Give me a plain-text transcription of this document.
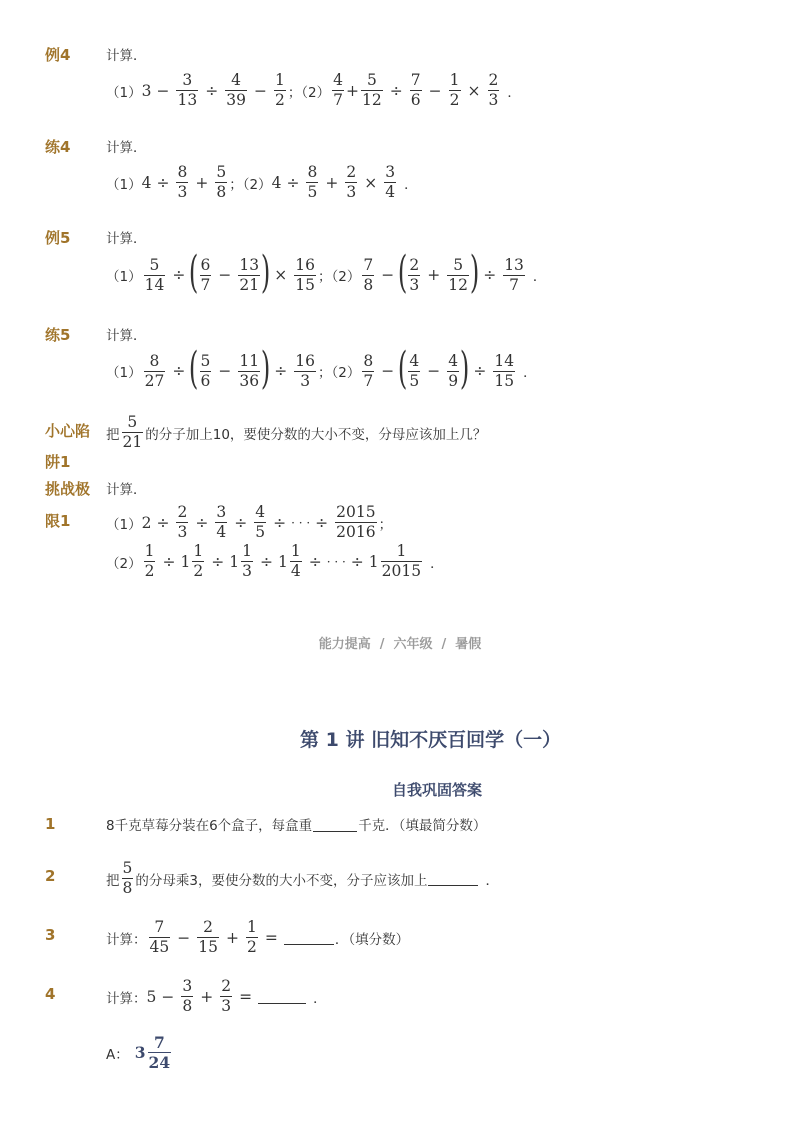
例4	计算．
（1） $3 - \frac{3}{13} \div \frac{4}{39} - \frac{1}{2}$ ；$(2) \frac{4}{7} + \frac{5}{12} \div \frac{7}{6} - \frac{1}{2} \times \frac{2}{3}$ ．
练4	计算．
（1） $4 \div \frac{8}{3} + \frac{5}{8}$ ；（2） $4 \div \frac{8}{5} + \frac{2}{3} \times \frac{3}{4}$ ．
例5	计算．
$(1) \frac{5}{14}$ ÷ ( $\frac{6}{7} - \frac{13}{21}$ ) × $\frac{16}{15}$ ；$(2) \frac{7}{8}$ − ( $\frac{2}{3} + \frac{5}{12}$ ) ÷ $\frac{13}{7}$ ．
练5	计算．
$(1) \frac{8}{27}$ ÷ ( $\frac{5}{6} - \frac{11}{36}$ ) ÷ $\frac{16}{3}$ ；$(2) \frac{8}{7}$ − ( $\frac{4}{5} - \frac{4}{9}$ ) ÷ $\frac{14}{15}$ ．
小心陷
阱1
把 $\frac{5}{21}$ 的分子加上10，要使分数的大小不变，分母应该加上几？
挑战极
限1
计算．
（1） $2 \div \frac{2}{3} \div \frac{3}{4} \div \frac{4}{5}$ ÷ · · · ÷ $\frac{2015}{2016}$ ；
$(2) \frac{1}{2} \div 1 \frac{1}{2} \div 1 \frac{1}{3} \div 1 \frac{1}{4}$ ÷ · · · ÷ $1 \frac{1}{2015}$ ．
能力提高 / 六年级 / 暑假
第 1 讲 旧知不厌百回学（一）
自我巩固答案
1	8千克草莓分装在6个盒子，每盒重	千克．（填最简分数）
2	把 $\frac{5}{8}$ 的分母乘3，要使分数的大小不变，分子应该加上	．
3	计算： $\frac{7}{45} - \frac{2}{15} + \frac{1}{2}$ =	．（填分数）
4	计算： $5 - \frac{3}{8} + \frac{2}{3}$ =	．
A： $3 \frac{7}{24}$
